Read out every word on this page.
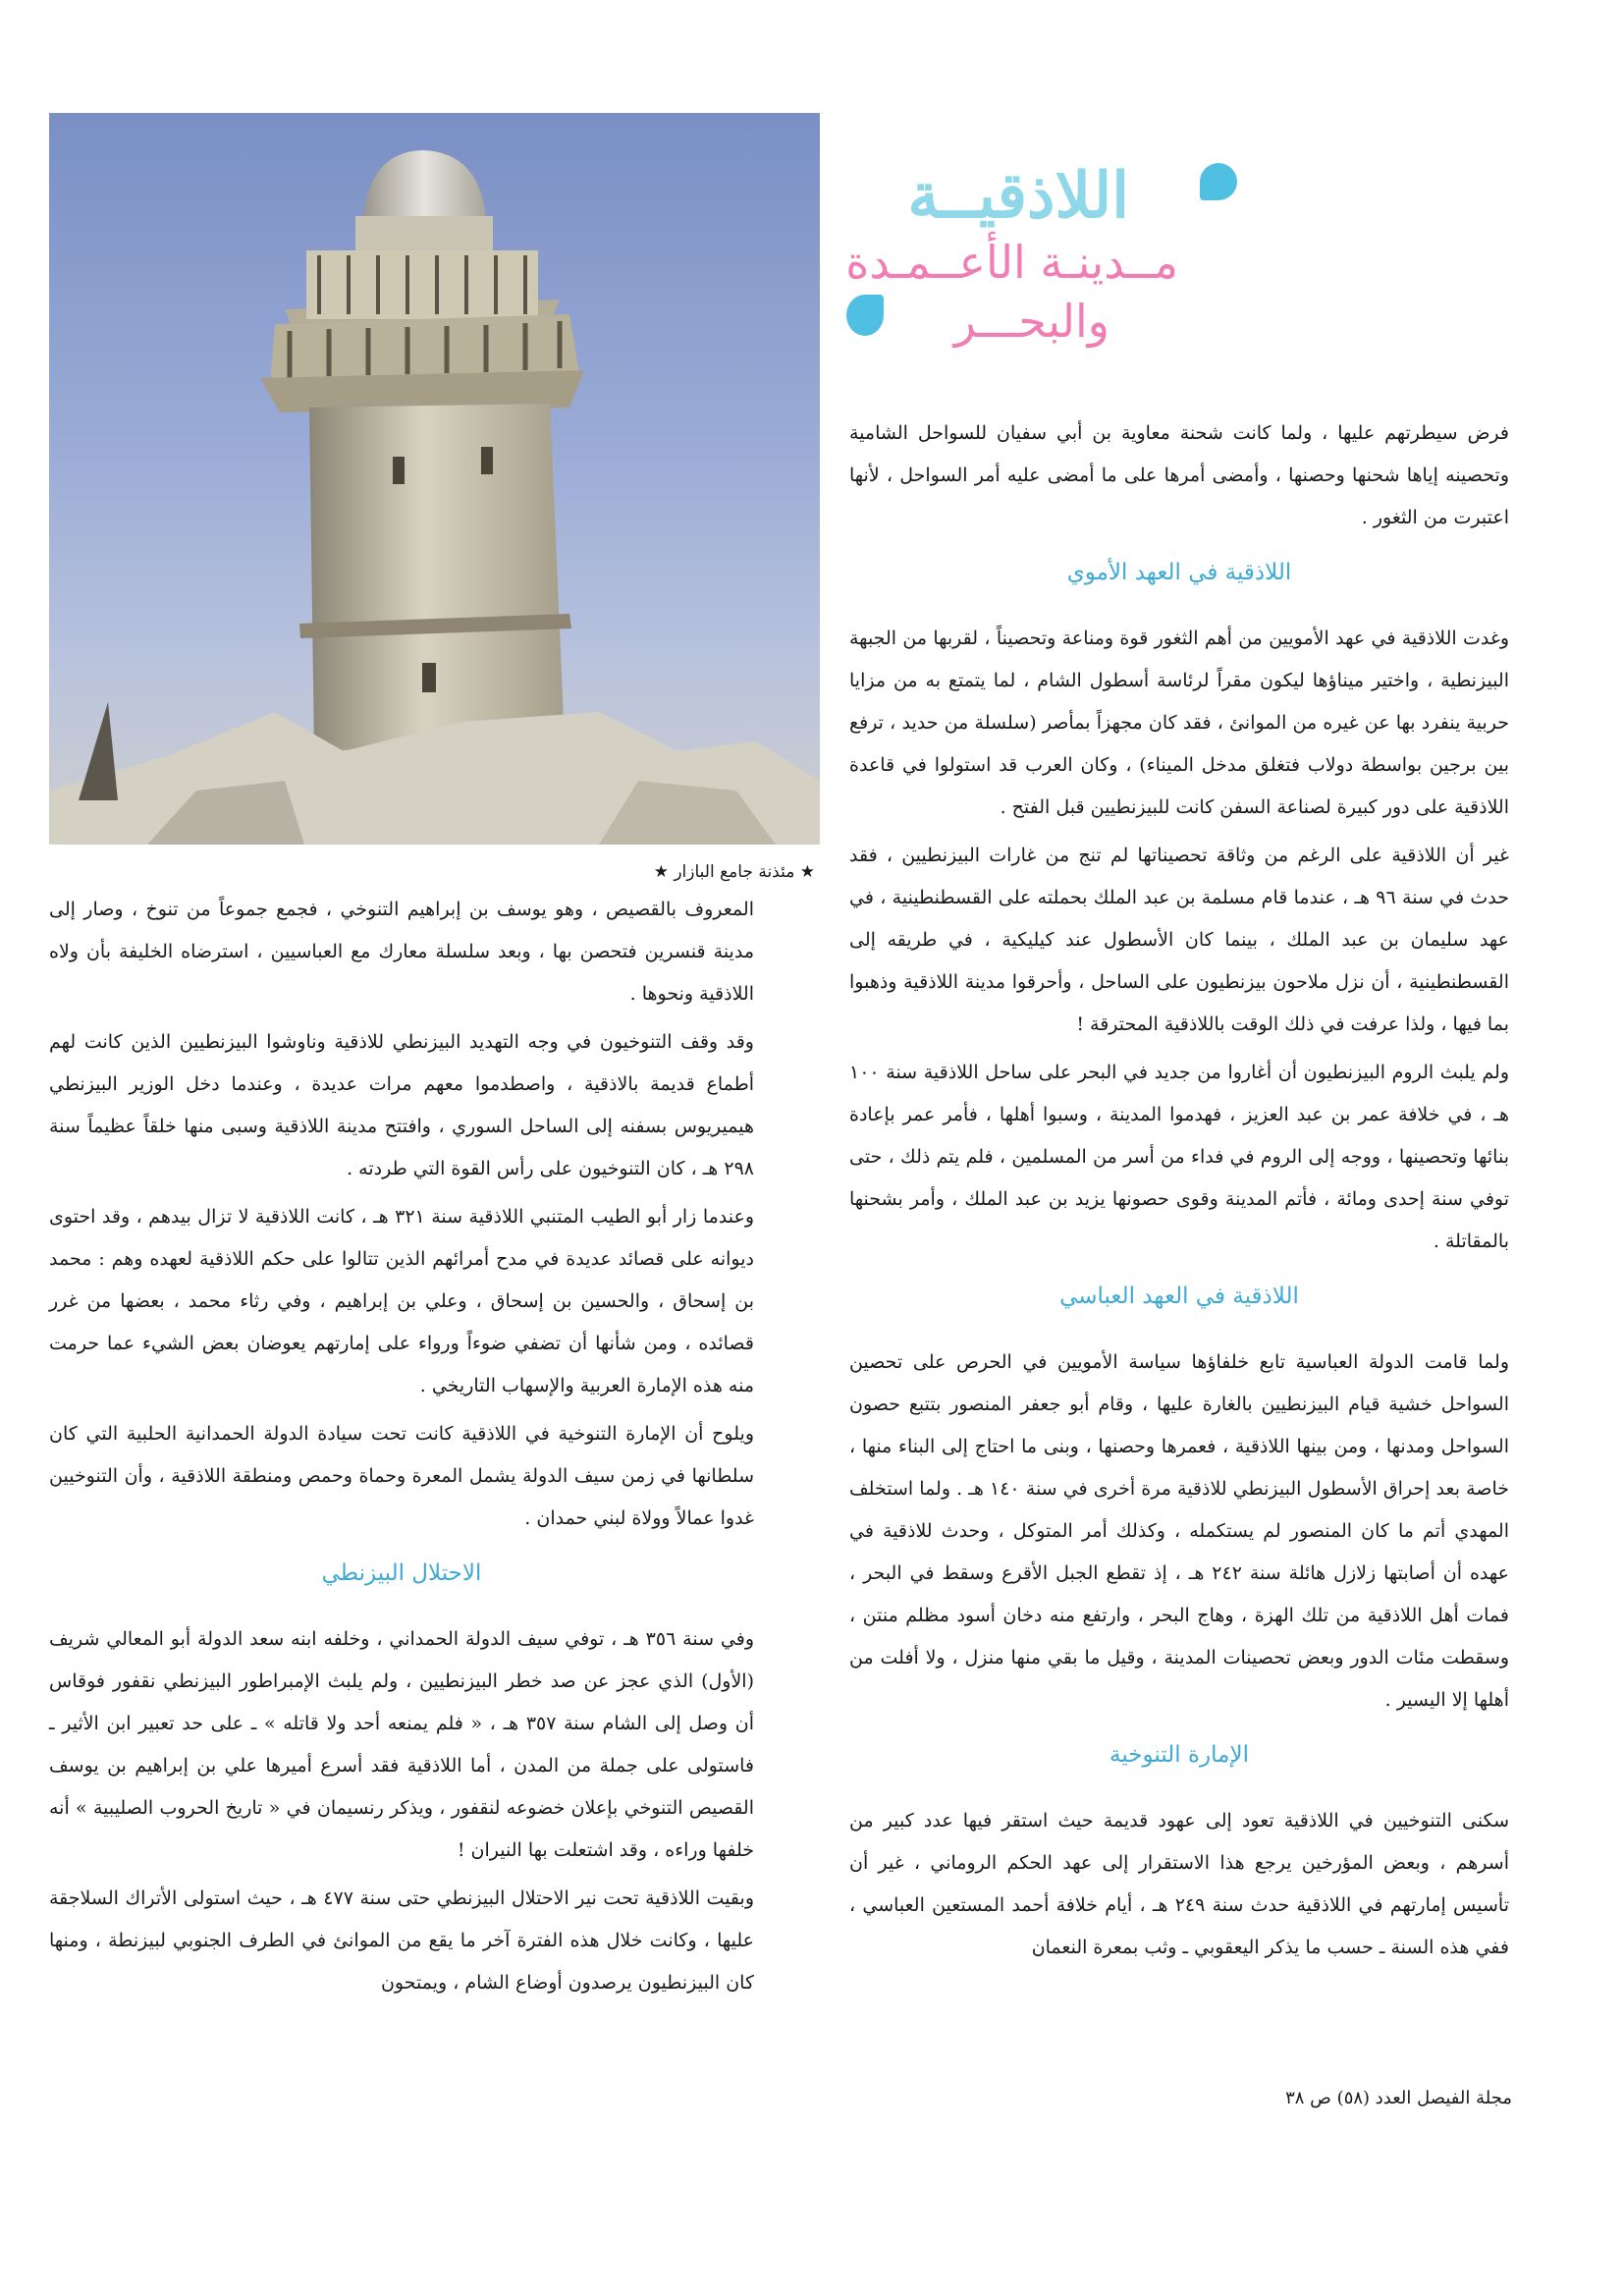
★ مئذنة جامع البازار ★
اللاذقيــة
مــدينـة الأعــمـدة
والبحـــر

فرض سيطرتهم عليها ، ولما كانت شحنة معاوية بن أبي سفيان للسواحل الشامية وتحصينه إياها شحنها وحصنها ، وأمضى أمرها على ما أمضى عليه أمر السواحل ، لأنها اعتبرت من الثغور .

اللاذقية في العهد الأموي

وغدت اللاذقية في عهد الأمويين من أهم الثغور قوة ومناعة وتحصيناً ، لقربها من الجبهة البيزنطية ، واختير ميناؤها ليكون مقراً لرئاسة أسطول الشام ، لما يتمتع به من مزايا حربية ينفرد بها عن غيره من الموانئ ، فقد كان مجهزاً بمأصر (سلسلة من حديد ، ترفع بين برجين بواسطة دولاب فتغلق مدخل الميناء) ، وكان العرب قد استولوا في قاعدة اللاذقية على دور كبيرة لصناعة السفن كانت للبيزنطيين قبل الفتح .

غير أن اللاذقية على الرغم من وثاقة تحصيناتها لم تنج من غارات البيزنطيين ، فقد حدث في سنة ٩٦ هـ ، عندما قام مسلمة بن عبد الملك بحملته على القسطنطينية ، في عهد سليمان بن عبد الملك ، بينما كان الأسطول عند كيليكية ، في طريقه إلى القسطنطينية ، أن نزل ملاحون بيزنطيون على الساحل ، وأحرقوا مدينة اللاذقية وذهبوا بما فيها ، ولذا عرفت في ذلك الوقت باللاذقية المحترقة !

ولم يلبث الروم البيزنطيون أن أغاروا من جديد في البحر على ساحل اللاذقية سنة ١٠٠ هـ ، في خلافة عمر بن عبد العزيز ، فهدموا المدينة ، وسبوا أهلها ، فأمر عمر بإعادة بنائها وتحصينها ، ووجه إلى الروم في فداء من أسر من المسلمين ، فلم يتم ذلك ، حتى توفي سنة إحدى ومائة ، فأتم المدينة وقوى حصونها يزيد بن عبد الملك ، وأمر بشحنها بالمقاتلة .

اللاذقية في العهد العباسي

ولما قامت الدولة العباسية تابع خلفاؤها سياسة الأمويين في الحرص على تحصين السواحل خشية قيام البيزنطيين بالغارة عليها ، وقام أبو جعفر المنصور بتتبع حصون السواحل ومدنها ، ومن بينها اللاذقية ، فعمرها وحصنها ، وبنى ما احتاج إلى البناء منها ، خاصة بعد إحراق الأسطول البيزنطي للاذقية مرة أخرى في سنة ١٤٠ هـ . ولما استخلف المهدي أتم ما كان المنصور لم يستكمله ، وكذلك أمر المتوكل ، وحدث للاذقية في عهده أن أصابتها زلازل هائلة سنة ٢٤٢ هـ ، إذ تقطع الجبل الأقرع وسقط في البحر ، فمات أهل اللاذقية من تلك الهزة ، وهاج البحر ، وارتفع منه دخان أسود مظلم منتن ، وسقطت مئات الدور وبعض تحصينات المدينة ، وقيل ما بقي منها منزل ، ولا أفلت من أهلها إلا اليسير .

الإمارة التنوخية

سكنى التنوخيين في اللاذقية تعود إلى عهود قديمة حيث استقر فيها عدد كبير من أسرهم ، وبعض المؤرخين يرجع هذا الاستقرار إلى عهد الحكم الروماني ، غير أن تأسيس إمارتهم في اللاذقية حدث سنة ٢٤٩ هـ ، أيام خلافة أحمد المستعين العباسي ، ففي هذه السنة ـ حسب ما يذكر اليعقوبي ـ وثب بمعرة النعمان

المعروف بالقصيص ، وهو يوسف بن إبراهيم التنوخي ، فجمع جموعاً من تنوخ ، وصار إلى مدينة قنسرين فتحصن بها ، وبعد سلسلة معارك مع العباسيين ، استرضاه الخليفة بأن ولاه اللاذقية ونحوها .

وقد وقف التنوخيون في وجه التهديد البيزنطي للاذقية وناوشوا البيزنطيين الذين كانت لهم أطماع قديمة بالاذقية ، واصطدموا معهم مرات عديدة ، وعندما دخل الوزير البيزنطي هيميريوس بسفنه إلى الساحل السوري ، وافتتح مدينة اللاذقية وسبى منها خلقاً عظيماً سنة ٢٩٨ هـ ، كان التنوخيون على رأس القوة التي طردته .

وعندما زار أبو الطيب المتنبي اللاذقية سنة ٣٢١ هـ ، كانت اللاذقية لا تزال بيدهم ، وقد احتوى ديوانه على قصائد عديدة في مدح أمرائهم الذين تتالوا على حكم اللاذقية لعهده وهم : محمد بن إسحاق ، والحسين بن إسحاق ، وعلي بن إبراهيم ، وفي رثاء محمد ، بعضها من غرر قصائده ، ومن شأنها أن تضفي ضوءاً ورواء على إمارتهم يعوضان بعض الشيء عما حرمت منه هذه الإمارة العربية والإسهاب التاريخي .

ويلوح أن الإمارة التنوخية في اللاذقية كانت تحت سيادة الدولة الحمدانية الحلبية التي كان سلطانها في زمن سيف الدولة يشمل المعرة وحماة وحمص ومنطقة اللاذقية ، وأن التنوخيين غدوا عمالاً وولاة لبني حمدان .

الاحتلال البيزنطي

وفي سنة ٣٥٦ هـ ، توفي سيف الدولة الحمداني ، وخلفه ابنه سعد الدولة أبو المعالي شريف (الأول) الذي عجز عن صد خطر البيزنطيين ، ولم يلبث الإمبراطور البيزنطي نقفور فوقاس أن وصل إلى الشام سنة ٣٥٧ هـ ، « فلم يمنعه أحد ولا قاتله » ـ على حد تعبير ابن الأثير ـ فاستولى على جملة من المدن ، أما اللاذقية فقد أسرع أميرها علي بن إبراهيم بن يوسف القصيص التنوخي بإعلان خضوعه لنقفور ، ويذكر رنسيمان في « تاريخ الحروب الصليبية » أنه خلفها وراءه ، وقد اشتعلت بها النيران !

وبقيت اللاذقية تحت نير الاحتلال البيزنطي حتى سنة ٤٧٧ هـ ، حيث استولى الأتراك السلاجقة عليها ، وكانت خلال هذه الفترة آخر ما يقع من الموانئ في الطرف الجنوبي لبيزنطة ، ومنها كان البيزنطيون يرصدون أوضاع الشام ، ويمتحون

مجلة الفيصل العدد (٥٨) ص ٣٨
